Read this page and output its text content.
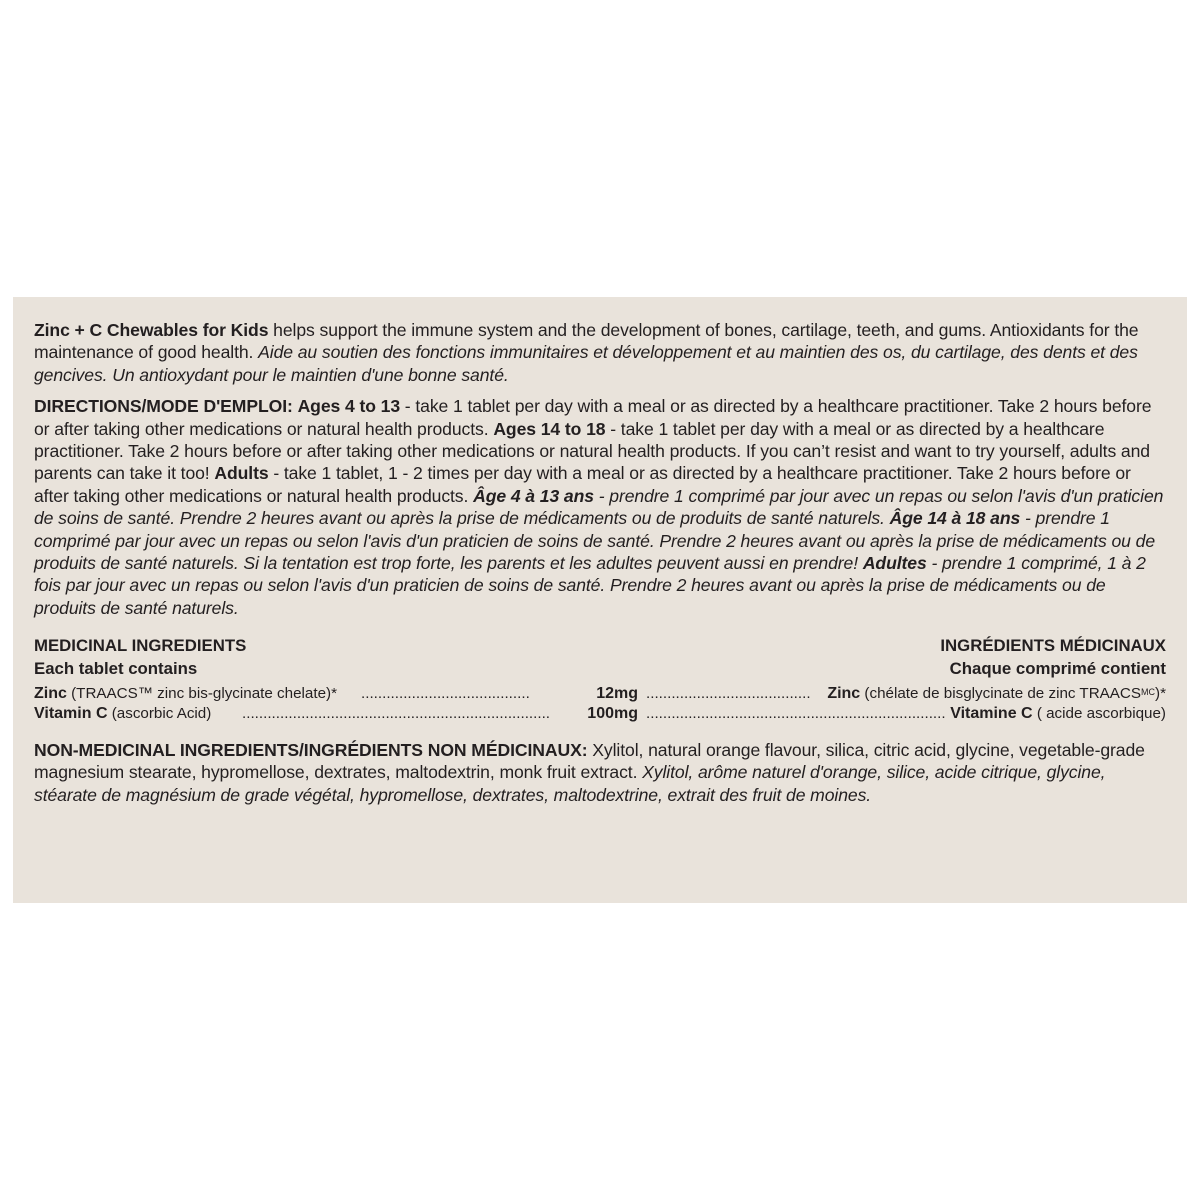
Zinc + C Chewables for Kids helps support the immune system and the development of bones, cartilage, teeth, and gums. Antioxidants for the maintenance of good health. Aide au soutien des fonctions immunitaires et développement et au maintien des os, du cartilage, des dents et des gencives. Un antioxydant pour le maintien d'une bonne santé.

DIRECTIONS/MODE D'EMPLOI: Ages 4 to 13 - take 1 tablet per day with a meal or as directed by a healthcare practitioner. Take 2 hours before or after taking other medications or natural health products. Ages 14 to 18 - take 1 tablet per day with a meal or as directed by a healthcare practitioner. Take 2 hours before or after taking other medications or natural health products. If you can’t resist and want to try yourself, adults and parents can take it too! Adults - take 1 tablet, 1 - 2 times per day with a meal or as directed by a healthcare practitioner. Take 2 hours before or after taking other medications or natural health products. Âge 4 à 13 ans - prendre 1 comprimé par jour avec un repas ou selon l'avis d'un praticien de soins de santé. Prendre 2 heures avant ou après la prise de médicaments ou de produits de santé naturels. Âge 14 à 18 ans - prendre 1 comprimé par jour avec un repas ou selon l'avis d'un praticien de soins de santé. Prendre 2 heures avant ou après la prise de médicaments ou de produits de santé naturels. Si la tentation est trop forte, les parents et les adultes peuvent aussi en prendre! Adultes - prendre 1 comprimé, 1 à 2 fois par jour avec un repas ou selon l'avis d'un praticien de soins de santé. Prendre 2 heures avant ou après la prise de médicaments ou de produits de santé naturels.

MEDICINAL INGREDIENTS	INGRÉDIENTS MÉDICINAUX
Each tablet contains	Chaque comprimé contient
Zinc (TRAACS™ zinc bis-glycinate chelate)*	........................................	12mg ....................................... Zinc (chélate de bisglycinate de zinc $TRAACS^{MC})*$
Vitamin C (ascorbic Acid)	.........................................................................	100mg ....................................................................... Vitamine C ( acide ascorbique)

NON-MEDICINAL INGREDIENTS/INGRÉDIENTS NON MÉDICINAUX: Xylitol, natural orange flavour, silica, citric acid, glycine, vegetable-grade magnesium stearate, hypromellose, dextrates, maltodextrin, monk fruit extract. Xylitol, arôme naturel d'orange, silice, acide citrique, glycine, stéarate de magnésium de grade végétal, hypromellose, dextrates, maltodextrine, extrait des fruit de moines.
